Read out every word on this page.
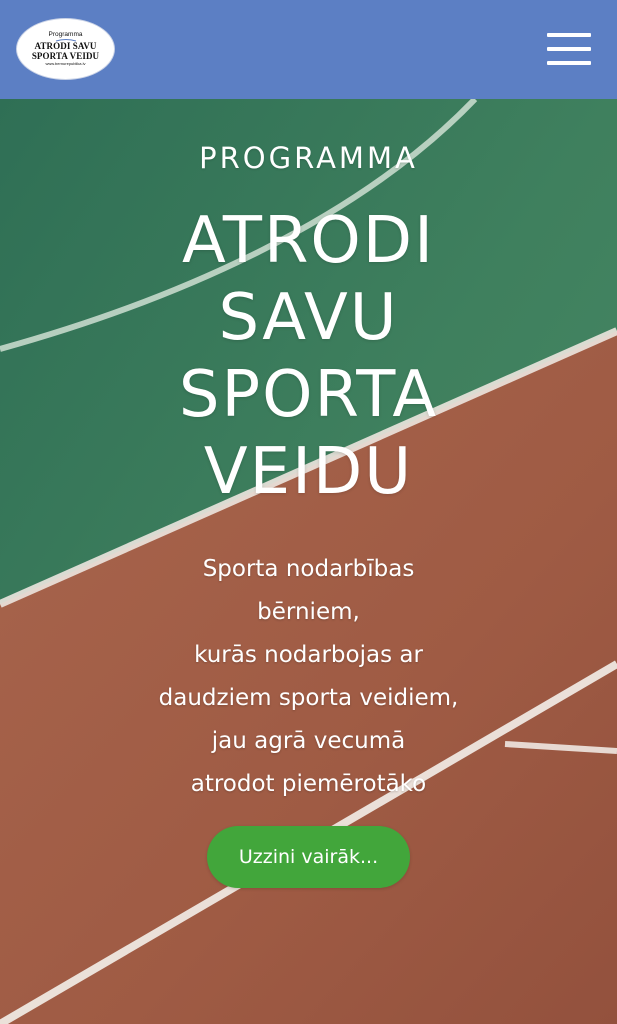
Programma
ATRODI SAVU
SPORTA VEIDU
www.bernurepublika.lv
PROGRAMMA
ATRODI
SAVU
SPORTA
VEIDU
Sporta nodarbības
bērniem,
kurās nodarbojas ar
daudziem sporta veidiem,
jau agrā vecumā
atrodot piemērotāko
Uzzini vairāk...
